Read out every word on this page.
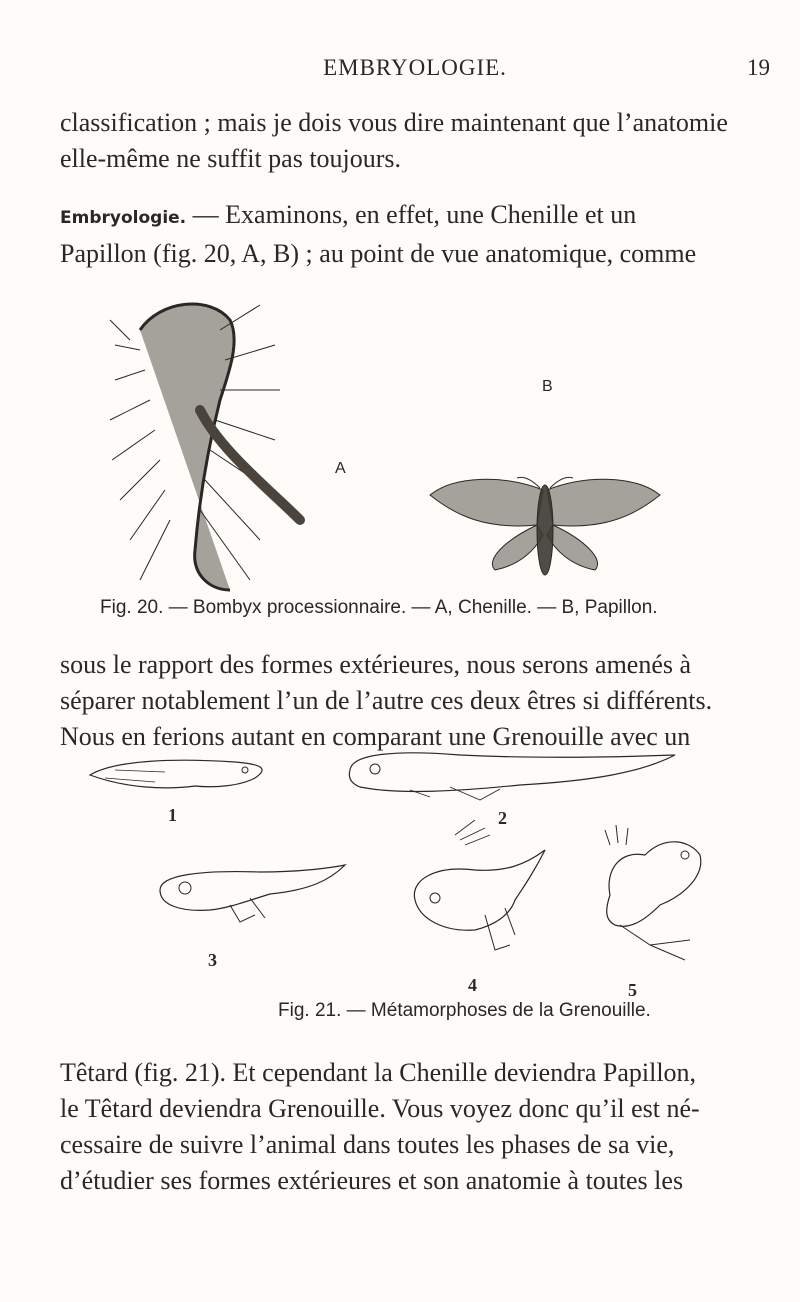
EMBRYOLOGIE.	19
classification ; mais je dois vous dire maintenant que l’anatomie
elle-même ne suffit pas toujours.
Embryologie. — Examinons, en effet, une Chenille et un
Papillon (fig. 20, A, B) ; au point de vue anatomique, comme
A
B
Fig. 20. — Bombyx processionnaire. — A, Chenille. — B, Papillon.
sous le rapport des formes extérieures, nous serons amenés à
séparer notablement l’un de l’autre ces deux êtres si différents.
Nous en ferions autant en comparant une Grenouille avec un
1	2
3
4	5
Fig. 21. — Métamorphoses de la Grenouille.
Têtard (fig. 21). Et cependant la Chenille deviendra Papillon,
le Têtard deviendra Grenouille. Vous voyez donc qu’il est né-
cessaire de suivre l’animal dans toutes les phases de sa vie,
d’étudier ses formes extérieures et son anatomie à toutes les
